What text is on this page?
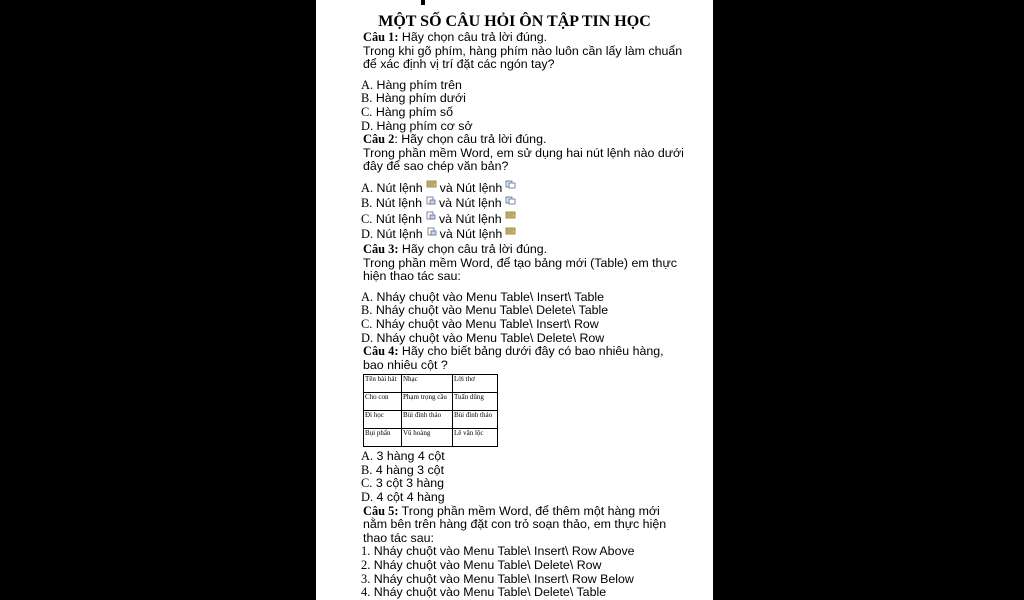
MỘT SỐ CÂU HỎI ÔN TẬP TIN HỌC
Câu 1: Hãy chọn câu trả lời đúng.
Trong khi gõ phím, hàng phím nào luôn cần lấy làm chuẩn
để xác định vị trí đặt các ngón tay?
A. Hàng phím trên
B. Hàng phím dưới
C. Hàng phím số
D. Hàng phím cơ sở
Câu 2: Hãy chọn câu trả lời đúng.
Trong phần mềm Word, em sử dụng hai nút lệnh nào dưới
đây để sao chép văn bản?
A. Nút lệnh và Nút lệnh
B. Nút lệnh và Nút lệnh
C. Nút lệnh và Nút lệnh
D. Nút lệnh và Nút lệnh
Câu 3: Hãy chọn câu trả lời đúng.
Trong phần mềm Word, để tạo bảng mới (Table) em thực
hiện thao tác sau:
A. Nháy chuột vào Menu Table\ Insert\ Table
B. Nháy chuột vào Menu Table\ Delete\ Table
C. Nháy chuột vào Menu Table\ Insert\ Row
D. Nháy chuột vào Menu Table\ Delete\ Row
Câu 4: Hãy cho biết bảng dưới đây có bao nhiêu hàng,
bao nhiêu cột ?
Tên bài hát	Nhạc	Lời thơ
Cho con	Phạm trọng cầu	Tuấn dũng
Đi học	Bùi đình thảo	Bùi đình thảo
Bụi phấn	Vũ hoàng	Lê văn lộc
A. 3 hàng 4 cột
B. 4 hàng 3 cột
C. 3 cột 3 hàng
D. 4 cột 4 hàng
Câu 5: Trong phần mềm Word, để thêm một hàng mới
nằm bên trên hàng đặt con trỏ soạn thảo, em thực hiện
thao tác sau:
1. Nháy chuột vào Menu Table\ Insert\ Row Above
2. Nháy chuột vào Menu Table\ Delete\ Row
3. Nháy chuột vào Menu Table\ Insert\ Row Below
4. Nháy chuột vào Menu Table\ Delete\ Table
